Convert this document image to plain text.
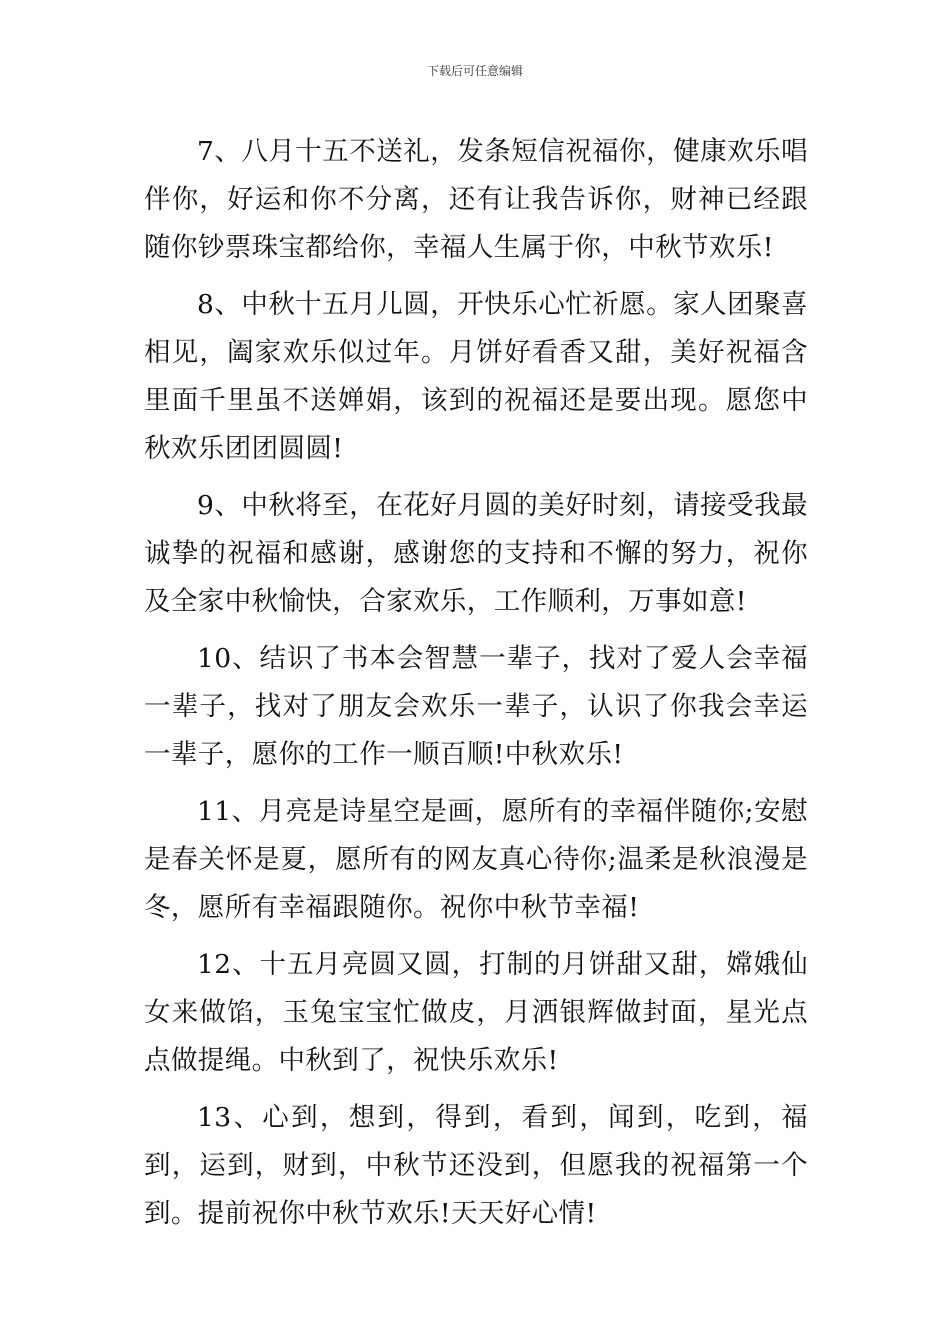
下载后可任意编辑

7、八月十五不送礼，发条短信祝福你，健康欢乐唱伴你，好运和你不分离，还有让我告诉你，财神已经跟随你钞票珠宝都给你，幸福人生属于你，中秋节欢乐!

8、中秋十五月儿圆，开快乐心忙祈愿。家人团聚喜相见，阖家欢乐似过年。月饼好看香又甜，美好祝福含里面千里虽不送婵娟，该到的祝福还是要出现。愿您中秋欢乐团团圆圆!

9、中秋将至，在花好月圆的美好时刻，请接受我最诚挚的祝福和感谢，感谢您的支持和不懈的努力，祝你及全家中秋愉快，合家欢乐，工作顺利，万事如意!

10、结识了书本会智慧一辈子，找对了爱人会幸福一辈子，找对了朋友会欢乐一辈子，认识了你我会幸运一辈子，愿你的工作一顺百顺!中秋欢乐!

11、月亮是诗星空是画，愿所有的幸福伴随你;安慰是春关怀是夏，愿所有的网友真心待你;温柔是秋浪漫是冬，愿所有幸福跟随你。祝你中秋节幸福!

12、十五月亮圆又圆，打制的月饼甜又甜，嫦娥仙女来做馅，玉兔宝宝忙做皮，月洒银辉做封面，星光点点做提绳。中秋到了，祝快乐欢乐!

13、心到，想到，得到，看到，闻到，吃到，福到，运到，财到，中秋节还没到，但愿我的祝福第一个到。提前祝你中秋节欢乐!天天好心情!
